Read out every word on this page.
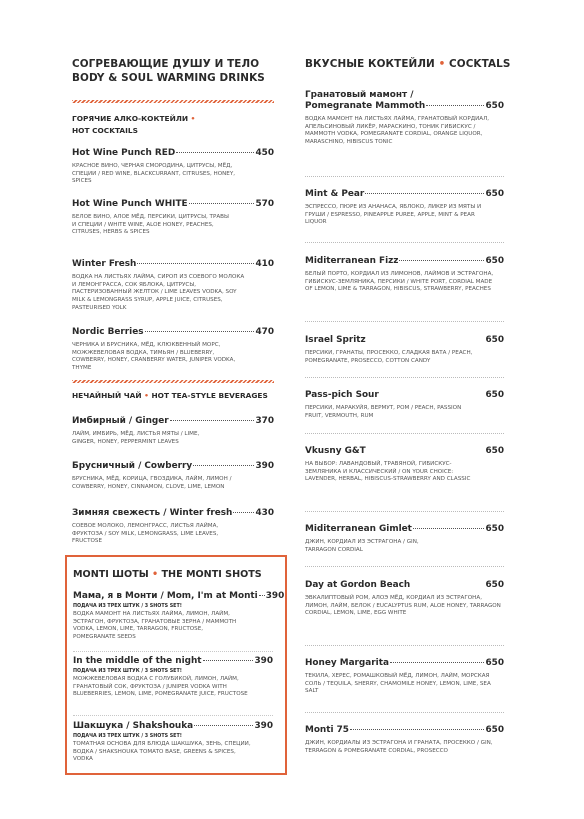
СОГРЕВАЮЩИЕ ДУШУ И ТЕЛО
BODY & SOUL WARMING DRINKS
ГОРЯЧИЕ АЛКО-КОКТЕЙЛИ •
HOT COCKTAILS
Hot Wine Punch RED	450
КРАСНОЕ ВИНО, ЧЕРНАЯ СМОРОДИНА, ЦИТРУСЫ, МЁД, СПЕЦИИ / RED WINE, BLACKCURRANT, CITRUSES, HONEY, SPICES
Hot Wine Punch WHITE	570
БЕЛОЕ ВИНО, АЛОЕ МЁД, ПЕРСИКИ, ЦИТРУСЫ, ТРАВЫ И СПЕЦИИ / WHITE WINE, ALOE HONEY, PEACHES, CITRUSES, HERBS & SPICES
Winter Fresh	410
ВОДКА НА ЛИСТЬЯХ ЛАЙМА, СИРОП ИЗ СОЕВОГО МОЛОКА И ЛЕМОНГРАССА, СОК ЯБЛОКА, ЦИТРУСЫ, ПАСТЕРИЗОВАННЫЙ ЖЕЛТОК / LIME LEAVES VODKA, SOY MILK & LEMONGRASS SYRUP, APPLE JUICE, CITRUSES, PASTEURISED YOLK
Nordic Berries	470
ЧЕРНИКА И БРУСНИКА, МЁД, КЛЮКВЕННЫЙ МОРС, МОЖЖЕВЕЛОВАЯ ВОДКА, ТИМЬЯН / BLUEBERRY, COWBERRY, HONEY, CRANBERRY WATER, JUNIPER VODKA, THYME
НЕЧАЙНЫЙ ЧАЙ • HOT TEA-STYLE BEVERAGES
Имбирный / Ginger	370
ЛАЙМ, ИМБИРЬ, МЁД, ЛИСТЬЯ МЯТЫ / LIME, GINGER, HONEY, PEPPERMINT LEAVES
Брусничный / Cowberry	390
БРУСНИКА, МЁД, КОРИЦА, ГВОЗДИКА, ЛАЙМ, ЛИМОН / COWBERRY, HONEY, CINNAMON, CLOVE, LIME, LEMON
Зимняя свежесть / Winter fresh	430
СОЕВОЕ МОЛОКО, ЛЕМОНГРАСС, ЛИСТЬЯ ЛАЙМА, ФРУКТОЗА / SOY MILK, LEMONGRASS, LIME LEAVES, FRUCTOSE
MONTI ШОТЫ • THE MONTI SHOTS
Мама, я в Монти / Mom, I'm at Monti 390
ПОДАЧА ИЗ ТРЕХ ШТУК / 3 SHOTS SET!
ВОДКА МАМОНТ НА ЛИСТЬЯХ ЛАЙМА, ЛИМОН, ЛАЙМ, ЭСТРАГОН, ФРУКТОЗА, ГРАНАТОВЫЕ ЗЕРНА / MAMMOTH VODKA, LEMON, LIME, TARRAGON, FRUCTOSE, POMEGRANATE SEEDS
In the middle of the night	390
ПОДАЧА ИЗ ТРЕХ ШТУК / 3 SHOTS SET!
МОЖЖЕВЕЛОВАЯ ВОДКА С ГОЛУБИКОЙ, ЛИМОН, ЛАЙМ, ГРАНАТОВЫЙ СОК, ФРУКТОЗА / JUNIPER VODKA WITH BLUEBERRIES, LEMON, LIME, POMEGRANATE JUICE, FRUCTOSE
Шакшука / Shakshouka	390
ПОДАЧА ИЗ ТРЕХ ШТУК / 3 SHOTS SET!
ТОМАТНАЯ ОСНОВА ДЛЯ БЛЮДА ШАКШУКА, ЗЕНЬ, СПЕЦИИ, ВОДКА / SHAKSHOUKA TOMATO BASE, GREENS & SPICES, VODKA
ВКУСНЫЕ КОКТЕЙЛИ • COCKTALS
Гранатовый мамонт /
Pomegranate Mammoth	650
ВОДКА МАМОНТ НА ЛИСТЬЯХ ЛАЙМА, ГРАНАТОВЫЙ КОРДИАЛ, АПЕЛЬСИНОВЫЙ ЛИКЁР, МАРАСКИНО, ТОНИК ГИБИСКУС / MAMMOTH VODKA, POMEGRANATE CORDIAL, ORANGE LIQUOR, MARASCHINO, HIBISCUS TONIC
Mint & Pear	650
ЭСПРЕССО, ПЮРЕ ИЗ АНАНАСА, ЯБЛОКО, ЛИКЕР ИЗ МЯТЫ И ГРУШИ / ESPRESSO, PINEAPPLE PUREE, APPLE, MINT & PEAR LIQUOR
Miditerranean Fizz	650
БЕЛЫЙ ПОРТО, КОРДИАЛ ИЗ ЛИМОНОВ, ЛАЙМОВ И ЭСТРАГОНА, ГИБИСКУС-ЗЕМЛЯНИКА, ПЕРСИКИ / WHITE PORT, CORDIAL MADE OF LEMON, LIME & TARRAGON, HIBISCUS, STRAWBERRY, PEACHES
Israel Spritz	650
ПЕРСИКИ, ГРАНАТЫ, ПРОСЕККО, СЛАДКАЯ ВАТА / PEACH, POMEGRANATE, PROSECCO, COTTON CANDY
Pass-pich Sour	650
ПЕРСИКИ, МАРАКУЙЯ, ВЕРМУТ, РОМ / PEACH, PASSION FRUIT, VERMOUTH, RUM
Vkusny G&T	650
НА ВЫБОР: ЛАВАНДОВЫЙ, ТРАВЯНОЙ, ГИБИСКУС-ЗЕМЛЯНИКА И КЛАССИЧЕСКИЙ / ON YOUR CHOICE: LAVENDER, HERBAL, HIBISCUS-STRAWBERRY AND CLASSIC
Miditerranean Gimlet	650
ДЖИН, КОРДИАЛ ИЗ ЭСТРАГОНА / GIN, TARRAGON CORDIAL
Day at Gordon Beach	650
ЭВКАЛИПТОВЫЙ РОМ, АЛОЭ МЁД, КОРДИАЛ ИЗ ЭСТРАГОНА, ЛИМОН, ЛАЙМ, БЕЛОК / EUCALYPTUS RUM, ALOE HONEY, TARRAGON CORDIAL, LEMON, LIME, EGG WHITE
Honey Margarita	650
ТЕКИЛА, ХЕРЕС, РОМАШКОВЫЙ МЁД, ЛИМОН, ЛАЙМ, МОРСКАЯ СОЛЬ / TEQUILA, SHERRY, CHAMOMILE HONEY, LEMON, LIME, SEA SALT
Monti 75	650
ДЖИН, КОРДИАЛЫ ИЗ ЭСТРАГОНА И ГРАНАТА, ПРОСЕККО / GIN, TERRAGON & POMEGRANATE CORDIAL, PROSECCO
